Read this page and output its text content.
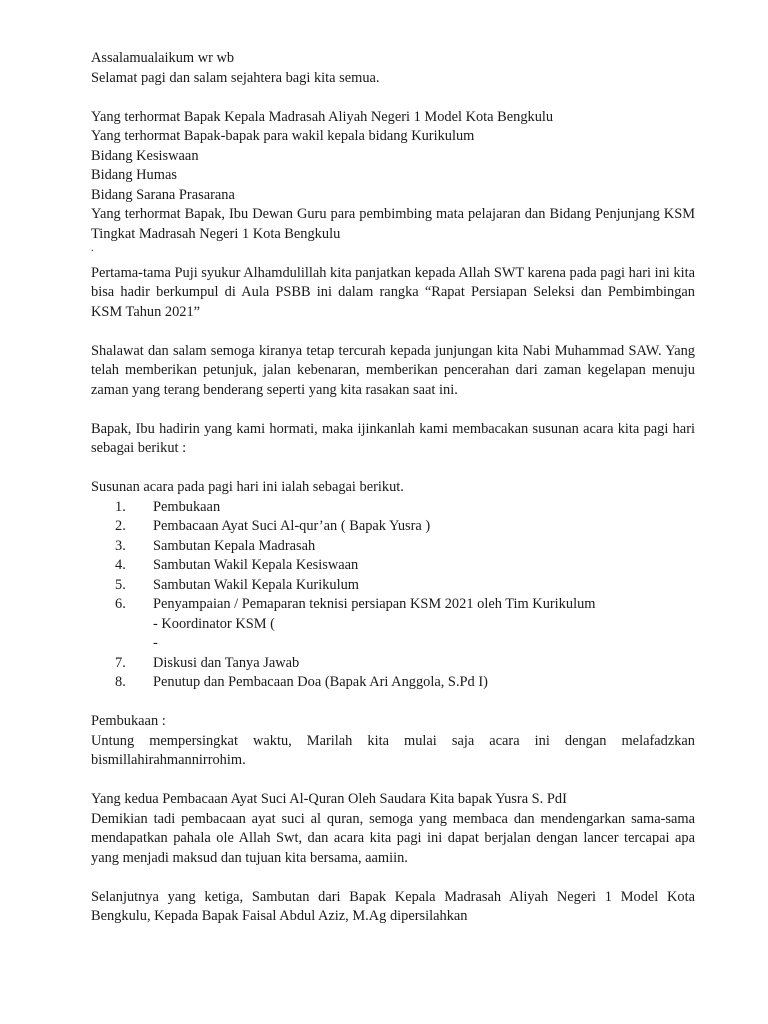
Assalamualaikum wr wb

Selamat pagi dan salam sejahtera bagi kita semua.

Yang terhormat Bapak Kepala Madrasah Aliyah Negeri 1 Model Kota Bengkulu

Yang terhormat Bapak-bapak para wakil kepala bidang Kurikulum

Bidang Kesiswaan

Bidang Humas

Bidang Sarana Prasarana

Yang terhormat Bapak, Ibu Dewan Guru para pembimbing mata pelajaran dan Bidang Penjunjang KSM Tingkat Madrasah Negeri 1 Kota Bengkulu

.

Pertama-tama Puji syukur Alhamdulillah kita panjatkan kepada Allah SWT karena pada pagi hari ini kita bisa hadir berkumpul di Aula PSBB ini dalam rangka “Rapat Persiapan Seleksi dan Pembimbingan KSM Tahun 2021”

Shalawat dan salam semoga kiranya tetap tercurah kepada junjungan kita Nabi Muhammad SAW. Yang telah memberikan petunjuk, jalan kebenaran, memberikan pencerahan dari zaman kegelapan menuju zaman yang terang benderang seperti yang kita rasakan saat ini.

Bapak, Ibu hadirin yang kami hormati, maka ijinkanlah kami membacakan susunan acara kita pagi hari sebagai berikut :

Susunan acara pada pagi hari ini ialah sebagai berikut.

1. Pembukaan
2. Pembacaan Ayat Suci Al-qur’an ( Bapak Yusra )
3. Sambutan Kepala Madrasah
4. Sambutan Wakil Kepala Kesiswaan
5. Sambutan Wakil Kepala Kurikulum
6. Penyampaian / Pemaparan teknisi persiapan KSM 2021 oleh Tim Kurikulum
- Koordinator KSM (
-
7. Diskusi dan Tanya Jawab
8. Penutup dan Pembacaan Doa (Bapak Ari Anggola, S.Pd I)

Pembukaan :

Untung mempersingkat waktu, Marilah kita mulai saja acara ini dengan melafadzkan bismillahirahmannirrohim.

Yang kedua Pembacaan Ayat Suci Al-Quran Oleh Saudara Kita bapak Yusra S. PdI

Demikian tadi pembacaan ayat suci al quran, semoga yang membaca dan mendengarkan sama-sama mendapatkan pahala ole Allah Swt, dan acara kita pagi ini dapat berjalan dengan lancer tercapai apa yang menjadi maksud dan tujuan kita bersama, aamiin.

Selanjutnya yang ketiga, Sambutan dari Bapak Kepala Madrasah Aliyah Negeri 1 Model Kota Bengkulu, Kepada Bapak Faisal Abdul Aziz, M.Ag dipersilahkan
